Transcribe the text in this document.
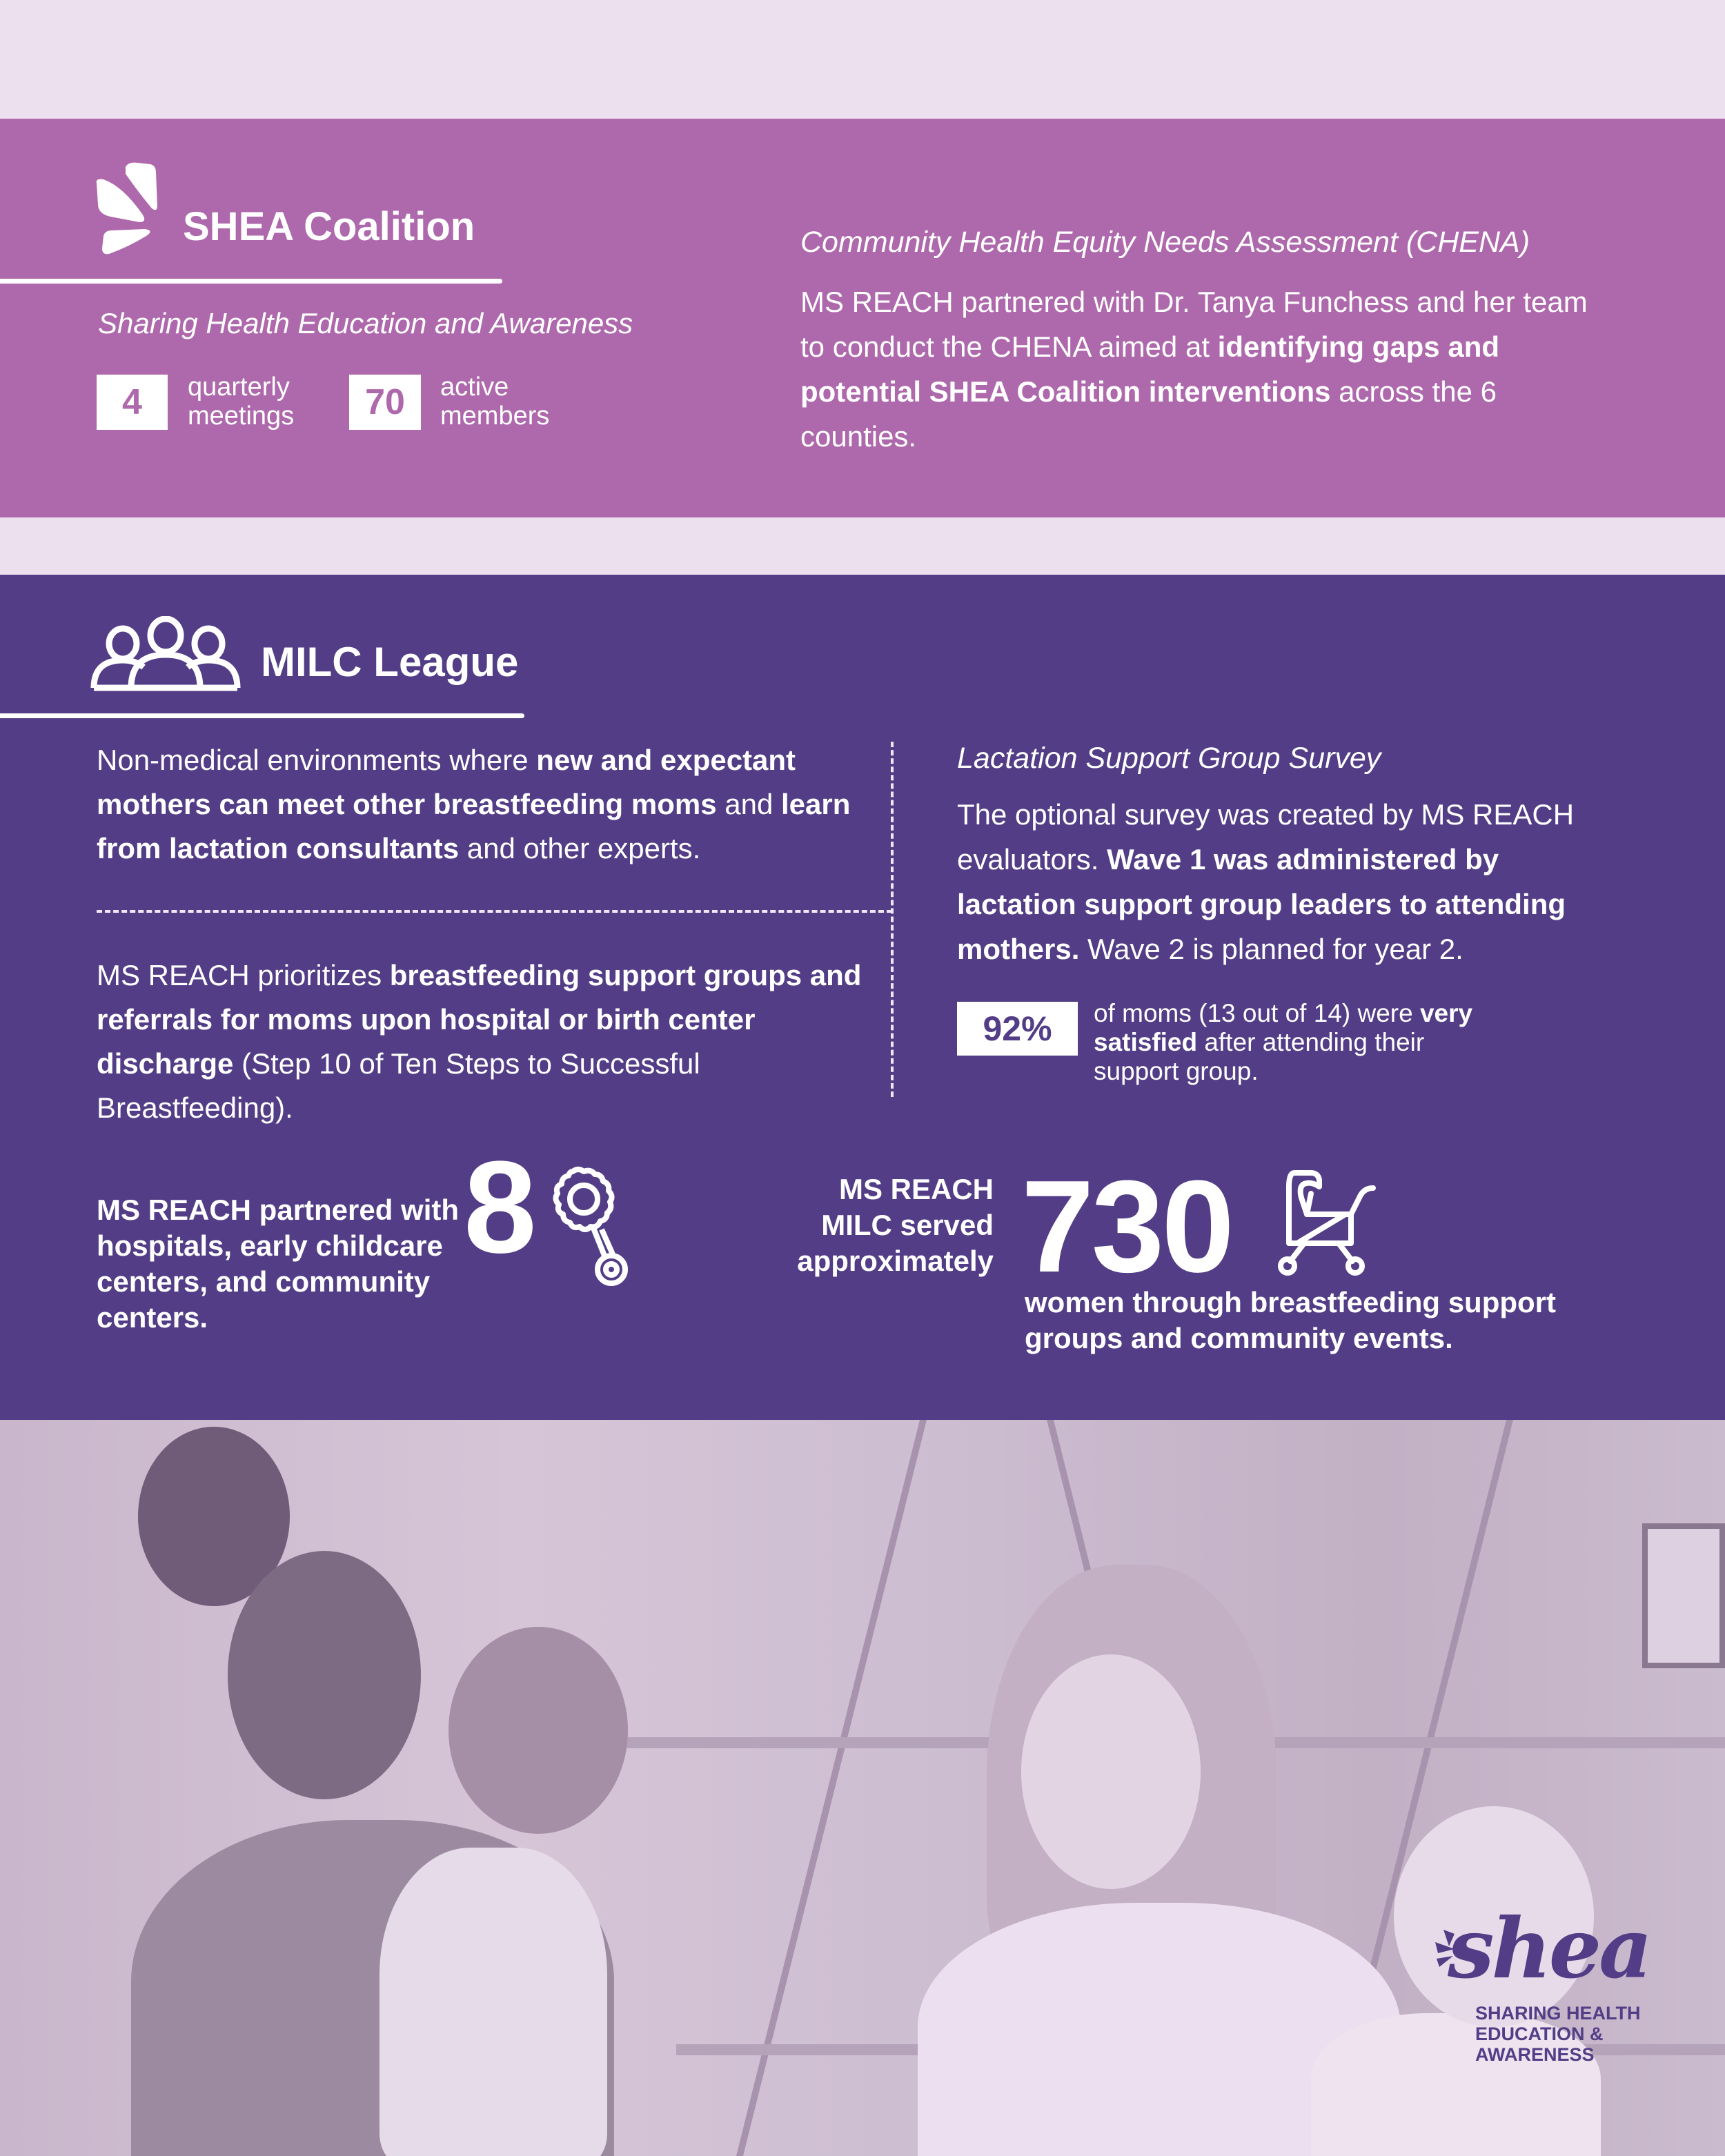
SHEA Coalition
Sharing Health Education and Awareness
4	quarterly
meetings	70	active
members
Community Health Equity Needs Assessment (CHENA)
MS REACH partnered with Dr. Tanya Funchess and her team to conduct the CHENA aimed at identifying gaps and potential SHEA Coalition interventions across the 6 counties.
MILC League
Non-medical environments where new and expectant mothers can meet other breastfeeding moms and learn from lactation consultants and other experts.
MS REACH prioritizes breastfeeding support groups and referrals for moms upon hospital or birth center discharge (Step 10 of Ten Steps to Successful Breastfeeding).
Lactation Support Group Survey
The optional survey was created by MS REACH evaluators. Wave 1 was administered by lactation support group leaders to attending mothers. Wave 2 is planned for year 2.
92%	of moms (13 out of 14) were very satisfied after attending their support group.
MS REACH partnered with hospitals, early childcare centers, and community centers.
8	MS REACH MILC served approximately 730
women through breastfeeding support groups and community events.
shea
SHARING HEALTH
EDUCATION &
AWARENESS
